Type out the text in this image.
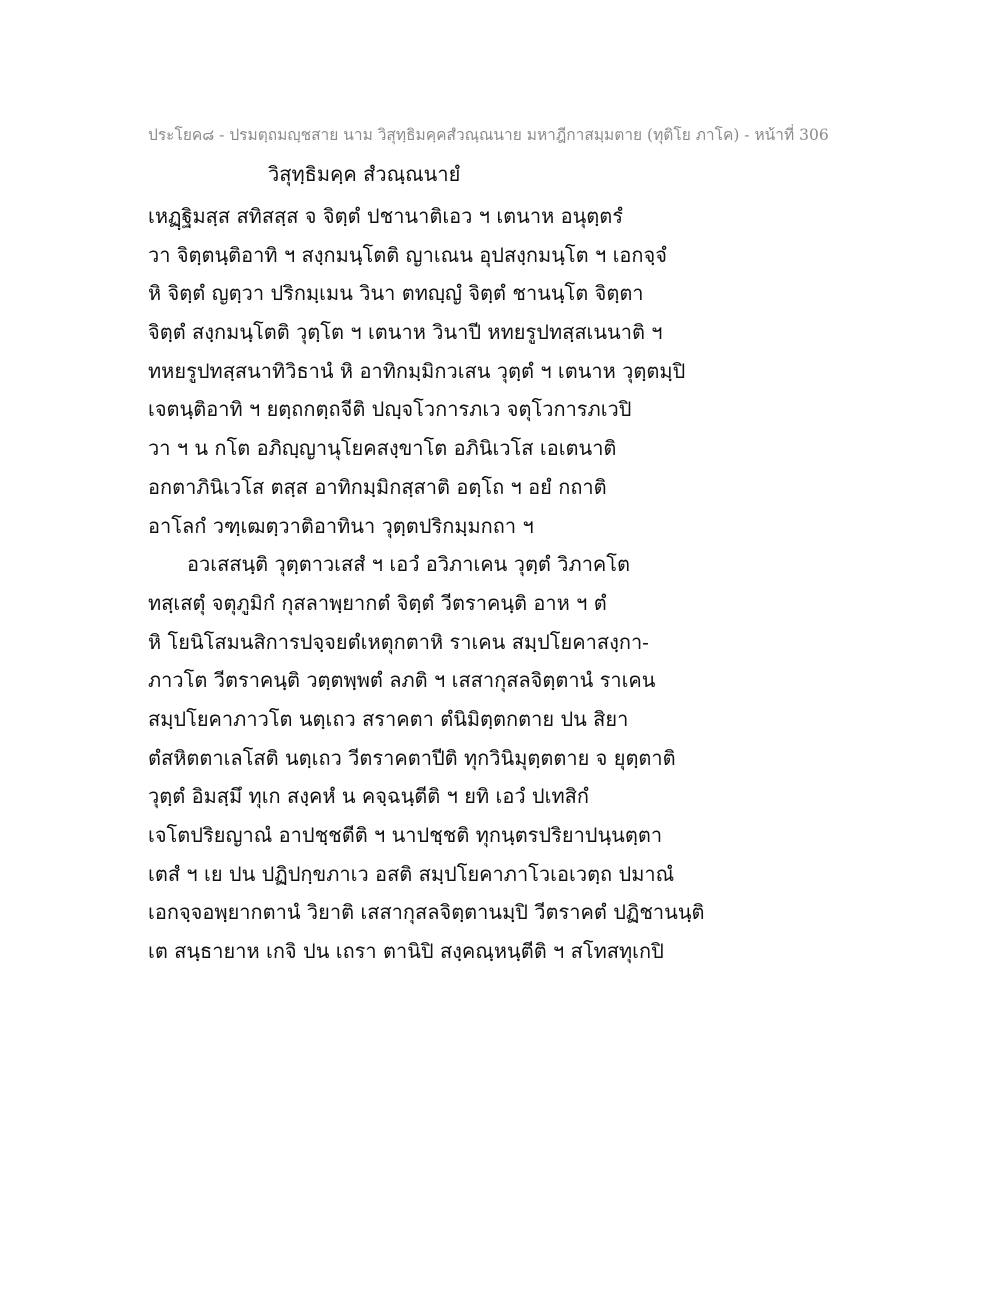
ประโยค๘ - ปรมตฺถมญฺชสาย นาม วิสุทฺธิมคฺคสํวณฺณนาย มหาฎีกาสมฺมตาย (ทุติโย ภาโค) - หน้าที่ 306
วิสุทฺธิมคฺค สํวณฺณนายํ
เหฏฺฐิมสฺส สทิสสฺส จ จิตฺตํ ปชานาติเอว ฯ เตนาห อนุตฺตรํ
วา จิตฺตนฺติอาทิ ฯ สงฺกมนฺโตติ ญาเณน อุปสงฺกมนฺโต ฯ เอกจฺจํ
หิ จิตฺตํ ญตฺวา ปริกมฺเมน วินา ตทญฺญํ จิตฺตํ ชานนฺโต จิตฺตา
จิตฺตํ สงฺกมนฺโตติ วุตฺโต ฯ เตนาห วินาปี หทยรูปทสฺสเนนาติ ฯ
ทหยรูปทสฺสนาทิวิธานํ หิ อาทิกมฺมิกวเสน วุตฺตํ ฯ เตนาห วุตฺตมฺปิ
เจตนฺติอาทิ ฯ ยตฺถกตฺถจีติ ปญฺจโวการภเว จตุโวการภเวปิ
วา ฯ น กโต อภิญฺญานุโยคสงฺขาโต อภินิเวโส เอเตนาติ
อกตาภินิเวโส ตสฺส อาทิกมฺมิกสฺสาติ อตฺโถ ฯ อยํ กถาติ
อาโลกํ วฑฺเฒตฺวาติอาทินา วุตฺตปริกมฺมกถา ฯ
อวเสสนฺติ วุตฺตาวเสสํ ฯ เอวํ อวิภาเคน วุตฺตํ วิภาคโต
ทสฺเสตุํ จตุภูมิกํ กุสลาพฺยากตํ จิตฺตํ วีตราคนฺติ อาห ฯ ตํ
หิ โยนิโสมนสิการปจฺจยตํเหตุกตาหิ ราเคน สมฺปโยคาสงฺกา-
ภาวโต วีตราคนฺติ วตฺตพฺพตํ ลภติ ฯ เสสากุสลจิตฺตานํ ราเคน
สมฺปโยคาภาวโต นตฺเถว สราคตา ตํนิมิตฺตกตาย ปน สิยา
ตํสหิตตาเลโสติ นตฺเถว วีตราคตาปีติ ทุกวินิมุตฺตตาย จ ยุตฺตาติ
วุตฺตํ อิมสฺมึ ทุเก สงฺคหํ น คจฺฉนฺตีติ ฯ ยทิ เอวํ ปเทสิกํ
เจโตปริยญาณํ อาปชฺชตีติ ฯ นาปชฺชติ ทุกนฺตรปริยาปนฺนตฺตา
เตสํ ฯ เย ปน ปฏิปกฺขภาเว อสติ สมฺปโยคาภาโวเอเวตฺถ ปมาณํ
เอกจฺจอพฺยากตานํ วิยาติ เสสากุสลจิตฺตานมฺปิ วีตราคตํ ปฏิชานนฺติ
เต สนฺธายาห เกจิ ปน เถรา ตานิปิ สงฺคณฺหนฺตีติ ฯ สโทสทุเกปิ
